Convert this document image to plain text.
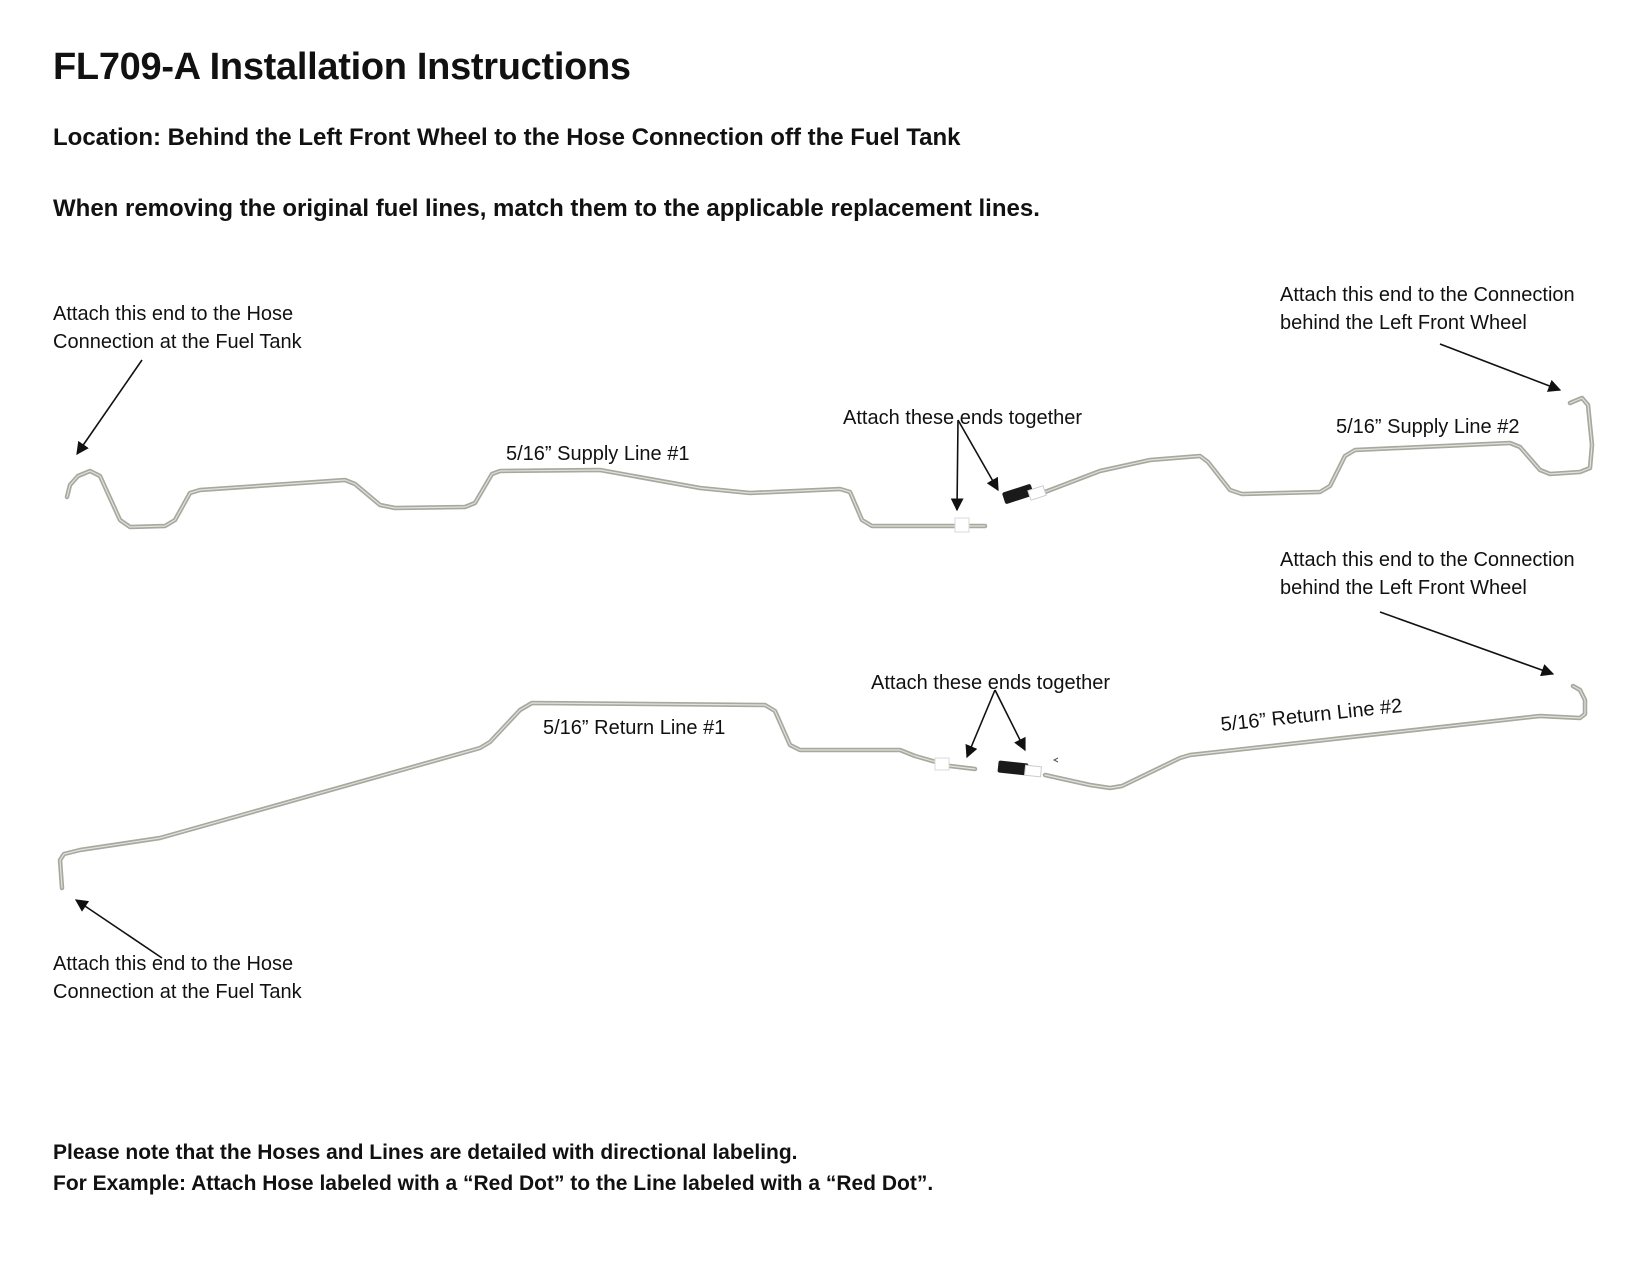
FL709-A Installation Instructions
Location: Behind the Left Front Wheel to the Hose Connection off the Fuel Tank
When removing the original fuel lines, match them to the applicable replacement lines.
Attach this end to the Hose
Connection at the Fuel Tank
Attach this end to the Connection
behind the Left Front Wheel
Attach these ends together
Attach this end to the Connection
behind the Left Front Wheel
Attach these ends together
Attach this end to the Hose
Connection at the Fuel Tank
5/16” Supply Line #1
5/16” Supply Line #2
5/16” Return Line #1	5/16” Return Line #2
Please note that the Hoses and Lines are detailed with directional labeling.
For Example: Attach Hose labeled with a “Red Dot” to the Line labeled with a “Red Dot”.
